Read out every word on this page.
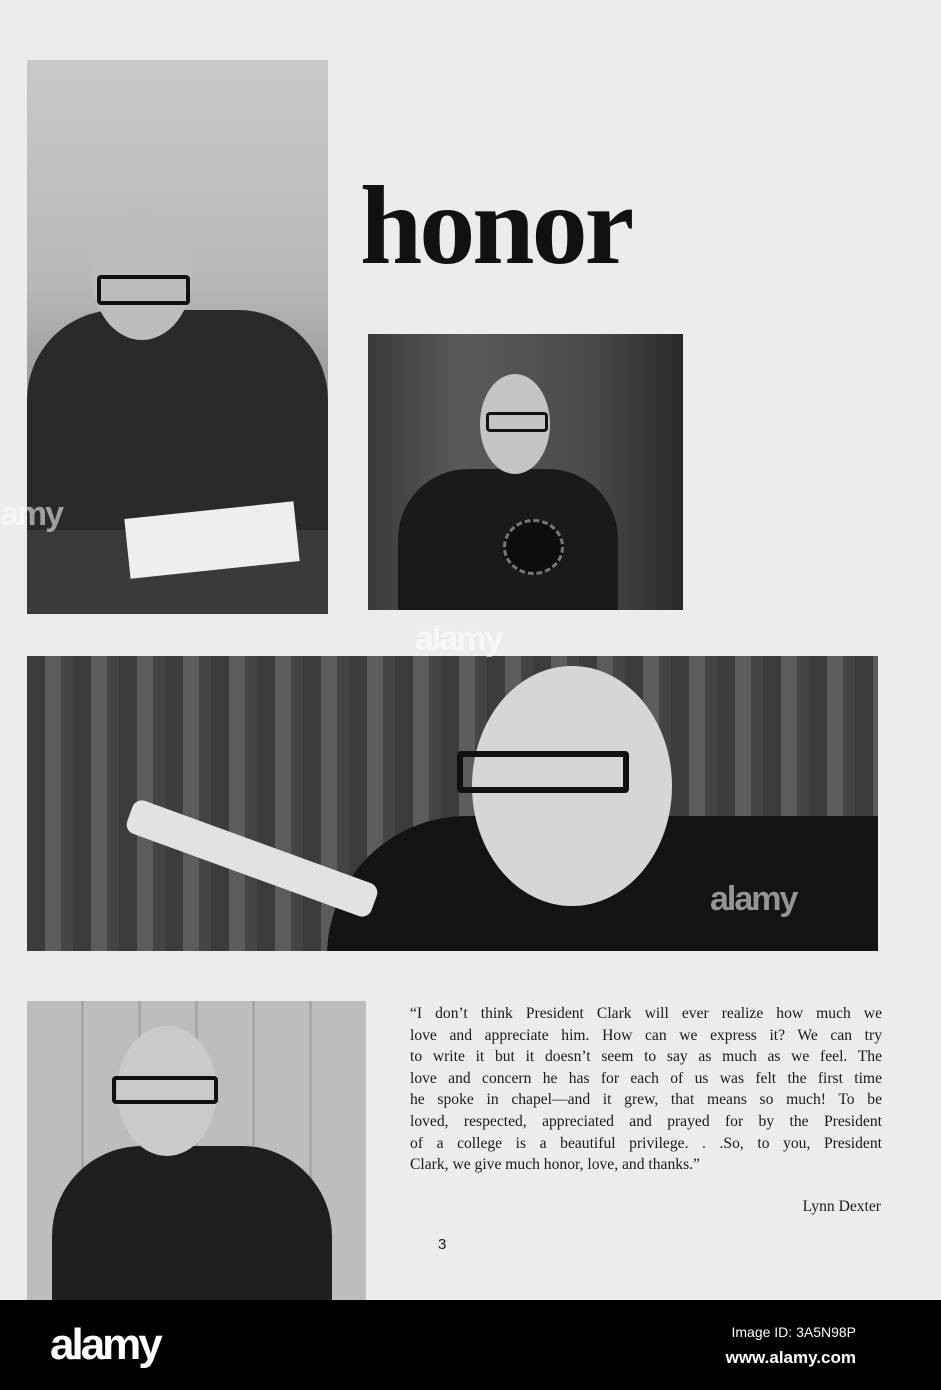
honor
“I don’t think President Clark will ever realize how much we
love and appreciate him. How can we express it? We can try
to write it but it doesn’t seem to say as much as we feel. The
love and concern he has for each of us was felt the first time
he spoke in chapel—and it grew, that means so much! To be
loved, respected, appreciated and prayed for by the President
of a college is a beautiful privilege. . .So, to you, President
Clark, we give much honor, love, and thanks.”
Lynn Dexter
3
amy
alamy
alamy
alamy	Image ID: 3A5N98P
www.alamy.com
